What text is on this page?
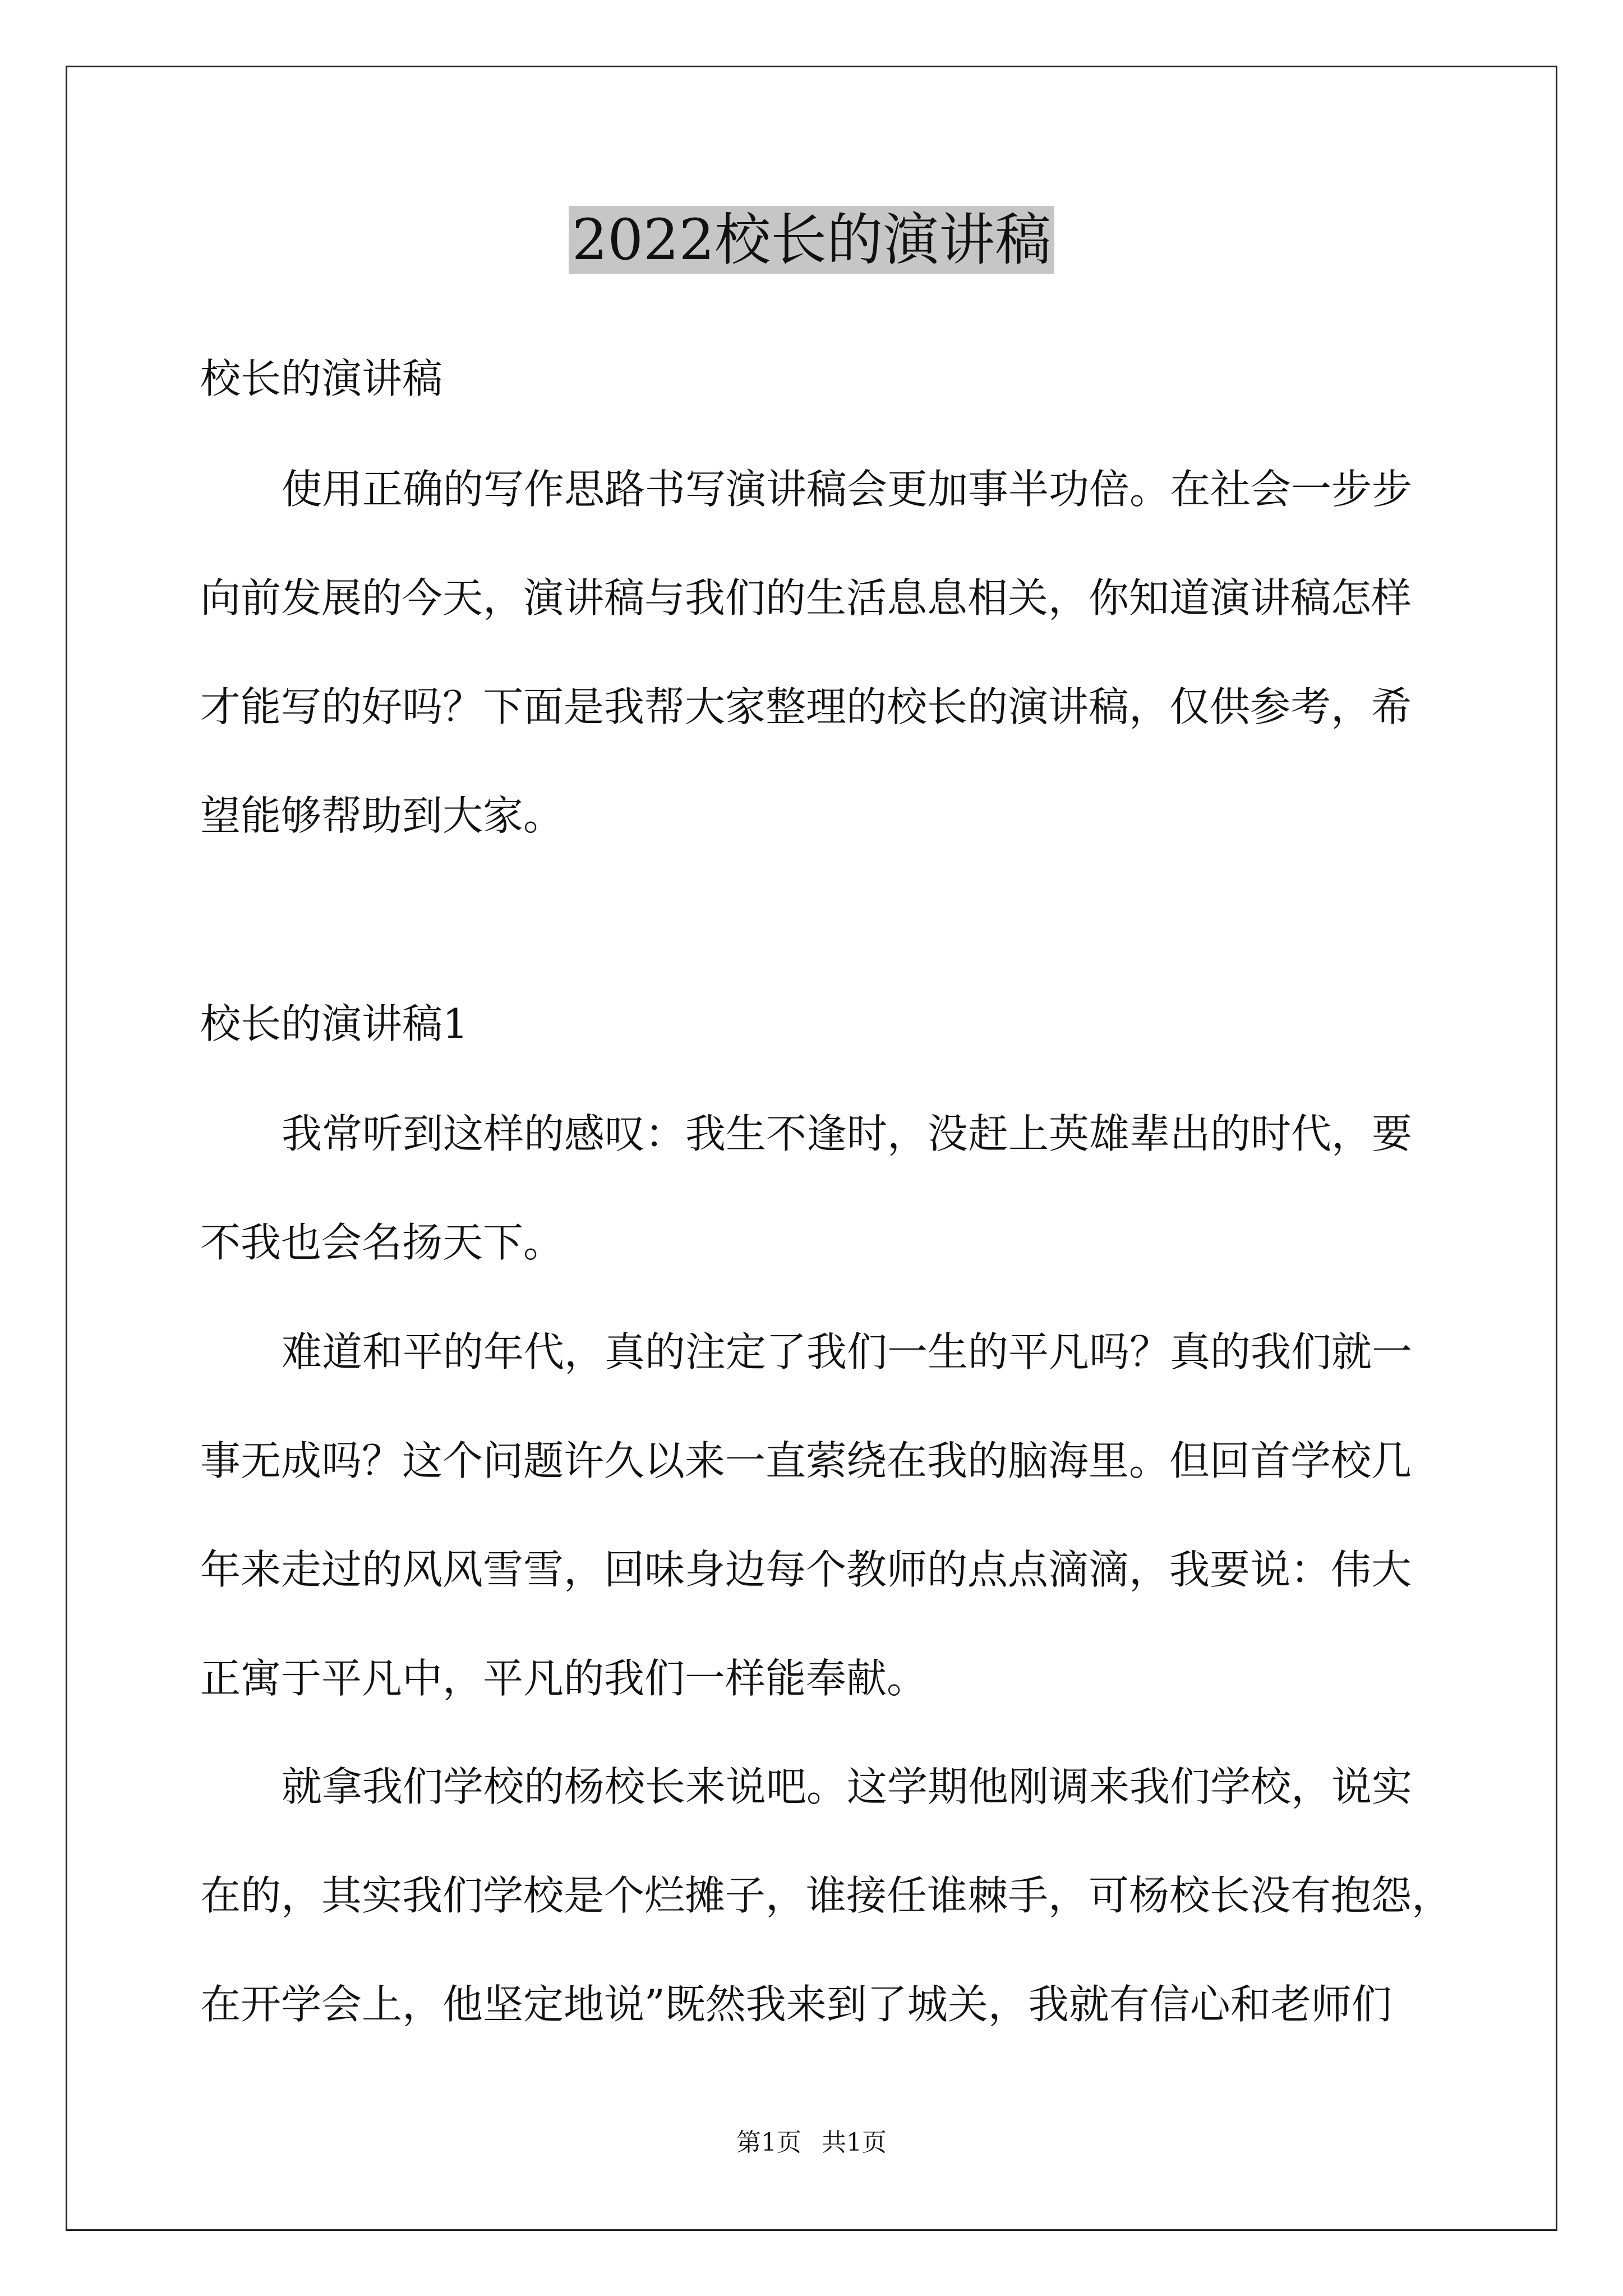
2022校长的演讲稿
校长的演讲稿
使用正确的写作思路书写演讲稿会更加事半功倍。在社会一步步
向前发展的今天，演讲稿与我们的生活息息相关，你知道演讲稿怎样
才能写的好吗？下面是我帮大家整理的校长的演讲稿，仅供参考，希
望能够帮助到大家。
校长的演讲稿1
我常听到这样的感叹：我生不逢时，没赶上英雄辈出的时代，要
不我也会名扬天下。
难道和平的年代，真的注定了我们一生的平凡吗？真的我们就一
事无成吗？这个问题许久以来一直萦绕在我的脑海里。但回首学校几
年来走过的风风雪雪，回味身边每个教师的点点滴滴，我要说：伟大
正寓于平凡中，平凡的我们一样能奉献。
就拿我们学校的杨校长来说吧。这学期他刚调来我们学校，说实
在的，其实我们学校是个烂摊子，谁接任谁棘手，可杨校长没有抱怨，
在开学会上，他坚定地说”既然我来到了城关，我就有信心和老师们
第1页 共1页
